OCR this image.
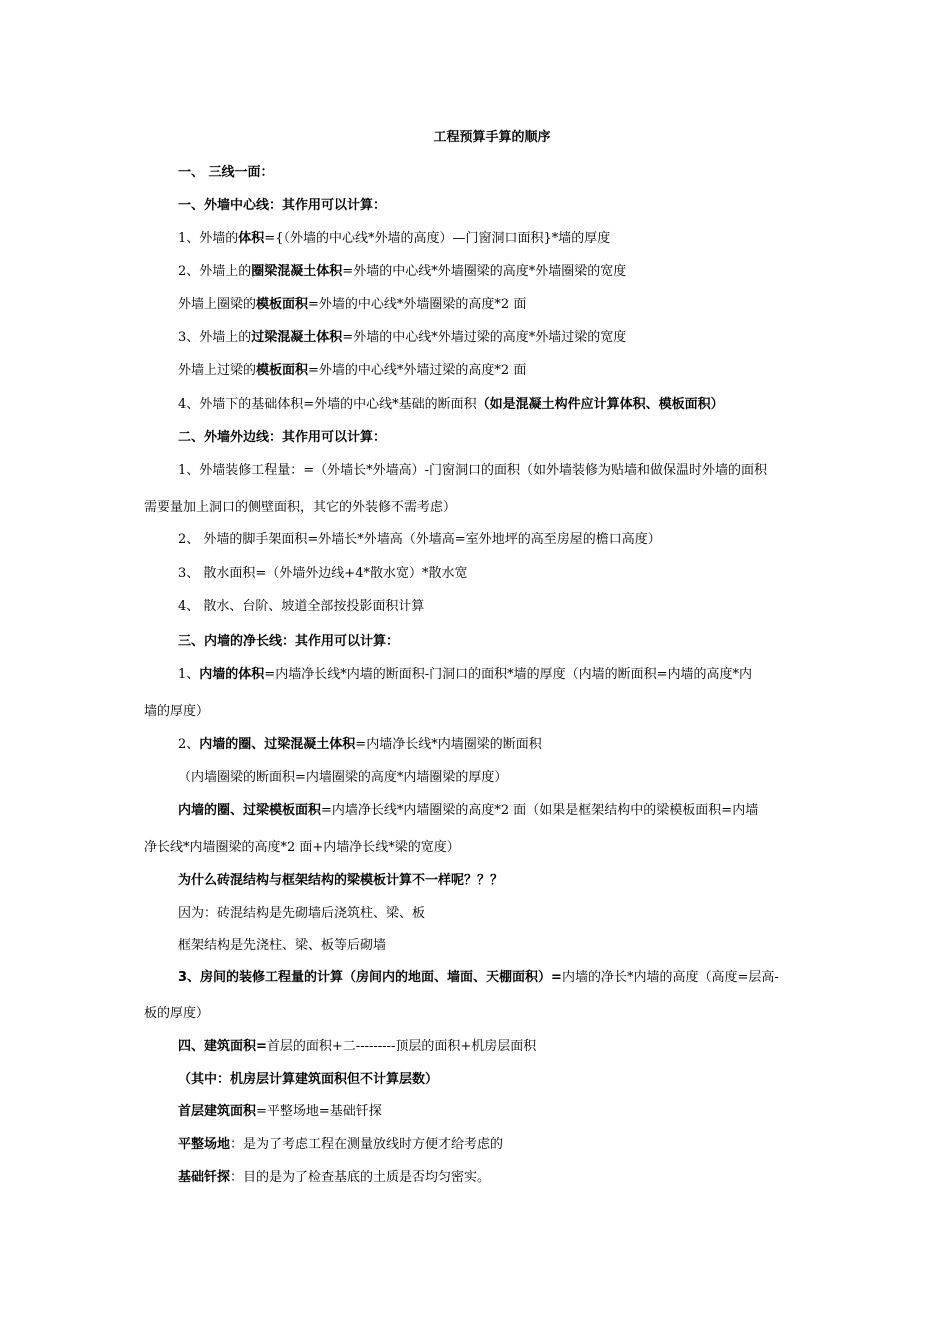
工程预算手算的顺序
一、 三线一面：
一、外墙中心线：其作用可以计算：
1、外墙的体积={（外墙的中心线*外墙的高度）—门窗洞口面积}*墙的厚度
2、外墙上的圈梁混凝土体积=外墙的中心线*外墙圈梁的高度*外墙圈梁的宽度
外墙上圈梁的模板面积=外墙的中心线*外墙圈梁的高度*2 面
3、外墙上的过梁混凝土体积=外墙的中心线*外墙过梁的高度*外墙过梁的宽度
外墙上过梁的模板面积=外墙的中心线*外墙过梁的高度*2 面
4、外墙下的基础体积=外墙的中心线*基础的断面积（如是混凝土构件应计算体积、模板面积）
二、外墙外边线：其作用可以计算：
1、外墙装修工程量：=（外墙长*外墙高）-门窗洞口的面积（如外墙装修为贴墙和做保温时外墙的面积
需要量加上洞口的侧壁面积，其它的外装修不需考虑）
2、 外墙的脚手架面积=外墙长*外墙高（外墙高=室外地坪的高至房屋的檐口高度）
3、 散水面积=（外墙外边线+4*散水宽）*散水宽
4、 散水、台阶、坡道全部按投影面积计算
三、内墙的净长线：其作用可以计算：
1、内墙的体积=内墙净长线*内墙的断面积-门洞口的面积*墙的厚度（内墙的断面积=内墙的高度*内
墙的厚度）
2、内墙的圈、过梁混凝土体积=内墙净长线*内墙圈梁的断面积
（内墙圈梁的断面积=内墙圈梁的高度*内墙圈梁的厚度）
内墙的圈、过梁模板面积=内墙净长线*内墙圈梁的高度*2 面（如果是框架结构中的梁模板面积=内墙
净长线*内墙圈梁的高度*2 面+内墙净长线*梁的宽度）
为什么砖混结构与框架结构的梁模板计算不一样呢？？？
因为：砖混结构是先砌墙后浇筑柱、梁、板
框架结构是先浇柱、梁、板等后砌墙
3、房间的装修工程量的计算（房间内的地面、墙面、天棚面积）=内墙的净长*内墙的高度（高度=层高-
板的厚度）
四、建筑面积=首层的面积+二---------顶层的面积+机房层面积
（其中：机房层计算建筑面积但不计算层数）
首层建筑面积=平整场地=基础钎探
平整场地：是为了考虑工程在测量放线时方便才给考虑的
基础钎探：目的是为了检查基底的土质是否均匀密实。
